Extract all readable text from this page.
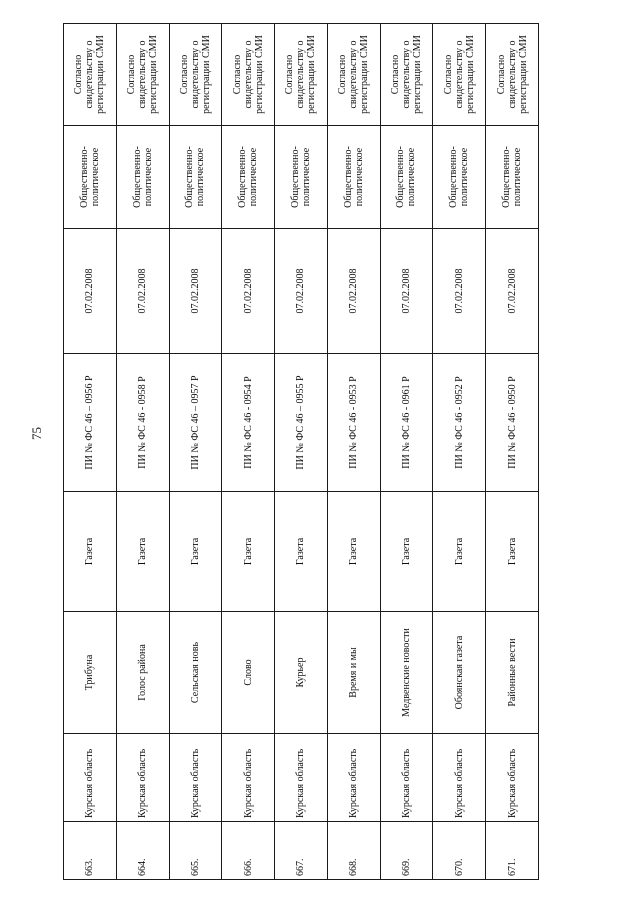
75
663.	Курская область	Трибуна	Газета	ПИ № ФС 46 – 0956 Р	07.02.2008	Общественно-политическое	Согласно свидетельству о регистрации СМИ
664.	Курская область	Голос района	Газета	ПИ № ФС 46 - 0958 Р	07.02.2008	Общественно-политическое	Согласно свидетельству о регистрации СМИ
665.	Курская область	Сельская новь	Газета	ПИ № ФС 46 – 0957 Р	07.02.2008	Общественно-политическое	Согласно свидетельству о регистрации СМИ
666.	Курская область	Слово	Газета	ПИ № ФС 46 - 0954 Р	07.02.2008	Общественно-политическое	Согласно свидетельству о регистрации СМИ
667.	Курская область	Курьер	Газета	ПИ № ФС 46 – 0955 Р	07.02.2008	Общественно-политическое	Согласно свидетельству о регистрации СМИ
668.	Курская область	Время и мы	Газета	ПИ № ФС 46 - 0953 Р	07.02.2008	Общественно-политическое	Согласно свидетельству о регистрации СМИ
669.	Курская область	Медвенские новости	Газета	ПИ № ФС 46 - 0961 Р	07.02.2008	Общественно-политическое	Согласно свидетельству о регистрации СМИ
670.	Курская область	Обоянская газета	Газета	ПИ № ФС 46 - 0952 Р	07.02.2008	Общественно-политическое	Согласно свидетельству о регистрации СМИ
671.	Курская область	Районные вести	Газета	ПИ № ФС 46 - 0950 Р	07.02.2008	Общественно-политическое	Согласно свидетельству о регистрации СМИ
